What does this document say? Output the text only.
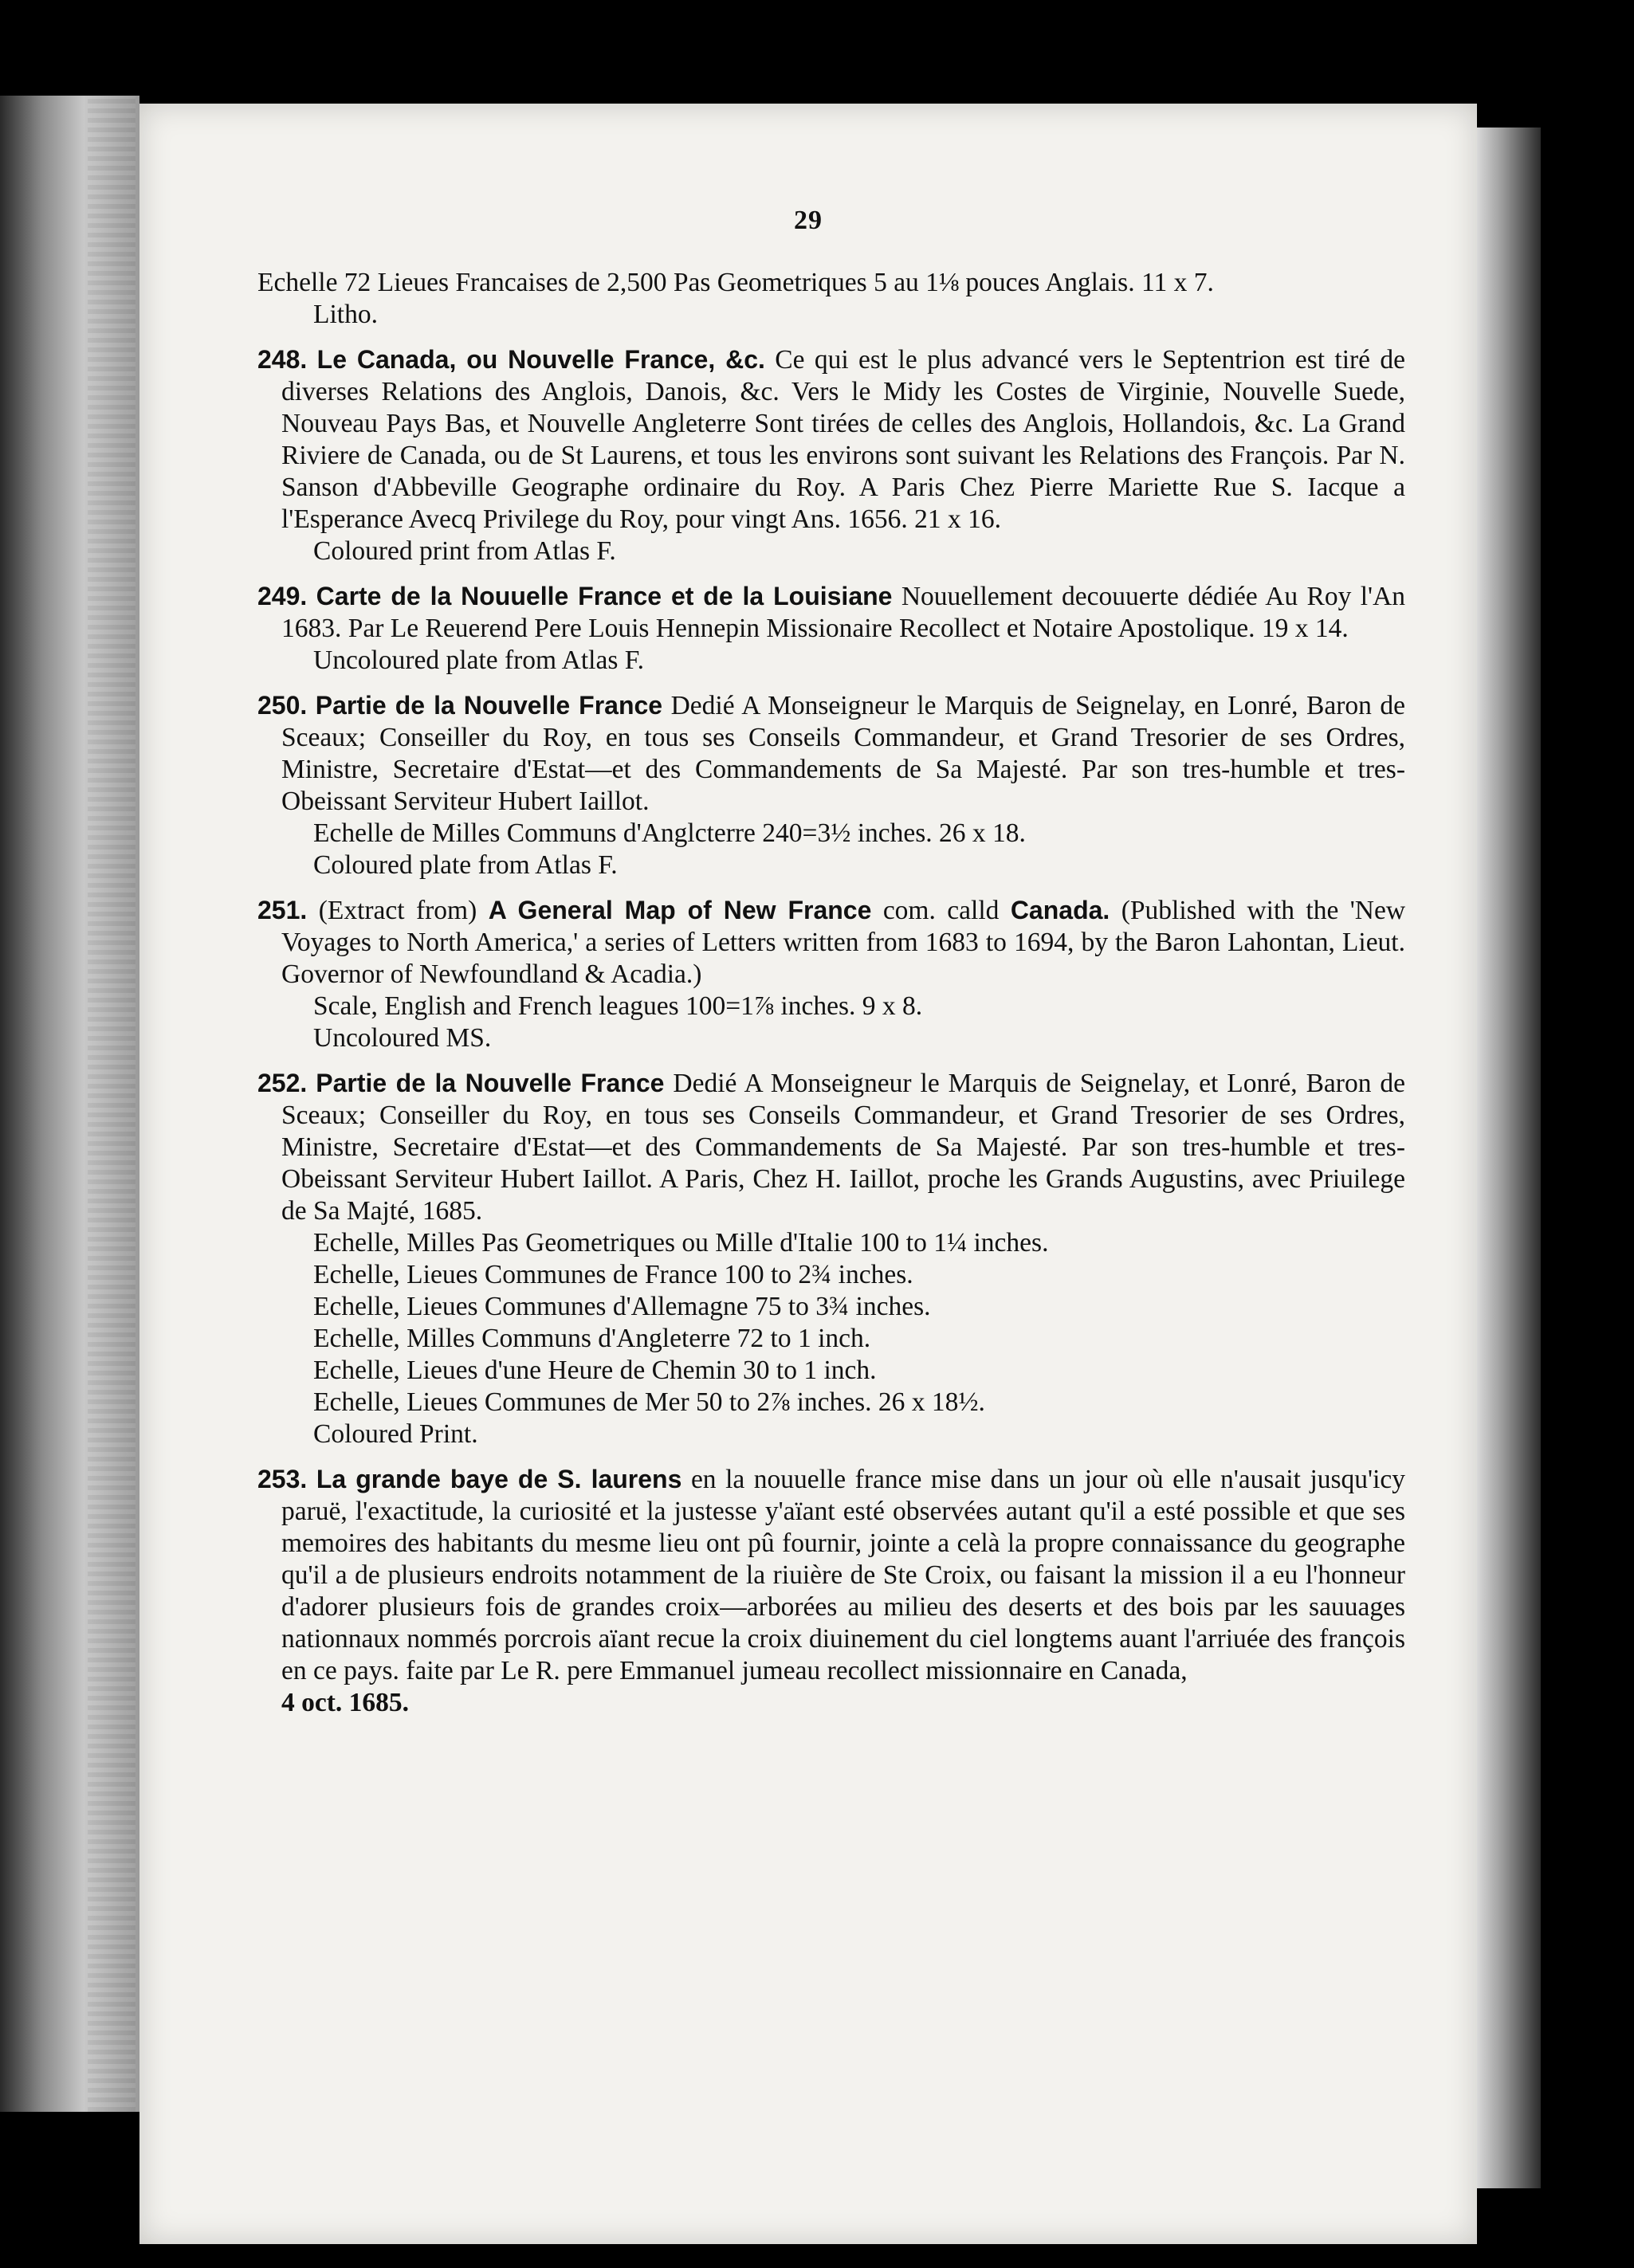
29

Echelle 72 Lieues Francaises de 2,500 Pas Geometriques 5 au 1⅛ pouces Anglais. 11 x 7.

Litho.

248. Le Canada, ou Nouvelle France, &c. Ce qui est le plus advancé vers le Septentrion est tiré de diverses Relations des Anglois, Danois, &c. Vers le Midy les Costes de Virginie, Nouvelle Suede, Nouveau Pays Bas, et Nouvelle Angleterre Sont tirées de celles des Anglois, Hollandois, &c. La Grand Riviere de Canada, ou de St Laurens, et tous les environs sont suivant les Relations des François. Par N. Sanson d'Abbeville Geographe ordinaire du Roy. A Paris Chez Pierre Mariette Rue S. Iacque a l'Esperance Avecq Privilege du Roy, pour vingt Ans. 1656. 21 x 16.

Coloured print from Atlas F.

249. Carte de la Nouuelle France et de la Louisiane Nouuellement decouuerte dédiée Au Roy l'An 1683. Par Le Reuerend Pere Louis Hennepin Missionaire Recollect et Notaire Apostolique. 19 x 14.

Uncoloured plate from Atlas F.

250. Partie de la Nouvelle France Dedié A Monseigneur le Marquis de Seignelay, en Lonré, Baron de Sceaux; Conseiller du Roy, en tous ses Conseils Commandeur, et Grand Tresorier de ses Ordres, Ministre, Secretaire d'Estat—et des Commandements de Sa Majesté. Par son tres-humble et tres-Obeissant Serviteur Hubert Iaillot.

Echelle de Milles Communs d'Anglcterre 240=3½ inches. 26 x 18.

Coloured plate from Atlas F.

251. (Extract from) A General Map of New France com. calld Canada. (Published with the 'New Voyages to North America,' a series of Letters written from 1683 to 1694, by the Baron Lahontan, Lieut. Governor of Newfoundland & Acadia.)

Scale, English and French leagues 100=1⅞ inches. 9 x 8.

Uncoloured MS.

252. Partie de la Nouvelle France Dedié A Monseigneur le Marquis de Seignelay, et Lonré, Baron de Sceaux; Conseiller du Roy, en tous ses Conseils Commandeur, et Grand Tresorier de ses Ordres, Ministre, Secretaire d'Estat—et des Commandements de Sa Majesté. Par son tres-humble et tres-Obeissant Serviteur Hubert Iaillot. A Paris, Chez H. Iaillot, proche les Grands Augustins, avec Priuilege de Sa Majté, 1685.

Echelle, Milles Pas Geometriques ou Mille d'Italie 100 to 1¼ inches.

Echelle, Lieues Communes de France 100 to 2¾ inches.

Echelle, Lieues Communes d'Allemagne 75 to 3¾ inches.

Echelle, Milles Communs d'Angleterre 72 to 1 inch.

Echelle, Lieues d'une Heure de Chemin 30 to 1 inch.

Echelle, Lieues Communes de Mer 50 to 2⅞ inches. 26 x 18½.

Coloured Print.

253. La grande baye de S. laurens en la nouuelle france mise dans un jour où elle n'ausait jusqu'icy paruë, l'exactitude, la curiosité et la justesse y'aïant esté observées autant qu'il a esté possible et que ses memoires des habitants du mesme lieu ont pû fournir, jointe a celà la propre connaissance du geographe qu'il a de plusieurs endroits notamment de la riuière de Ste Croix, ou faisant la mission il a eu l'honneur d'adorer plusieurs fois de grandes croix—arborées au milieu des deserts et des bois par les sauuages nationnaux nommés porcrois aïant recue la croix diuinement du ciel longtems auant l'arriuée des françois en ce pays. faite par Le R. pere Emmanuel jumeau recollect missionnaire en Canada,

4 oct. 1685.
